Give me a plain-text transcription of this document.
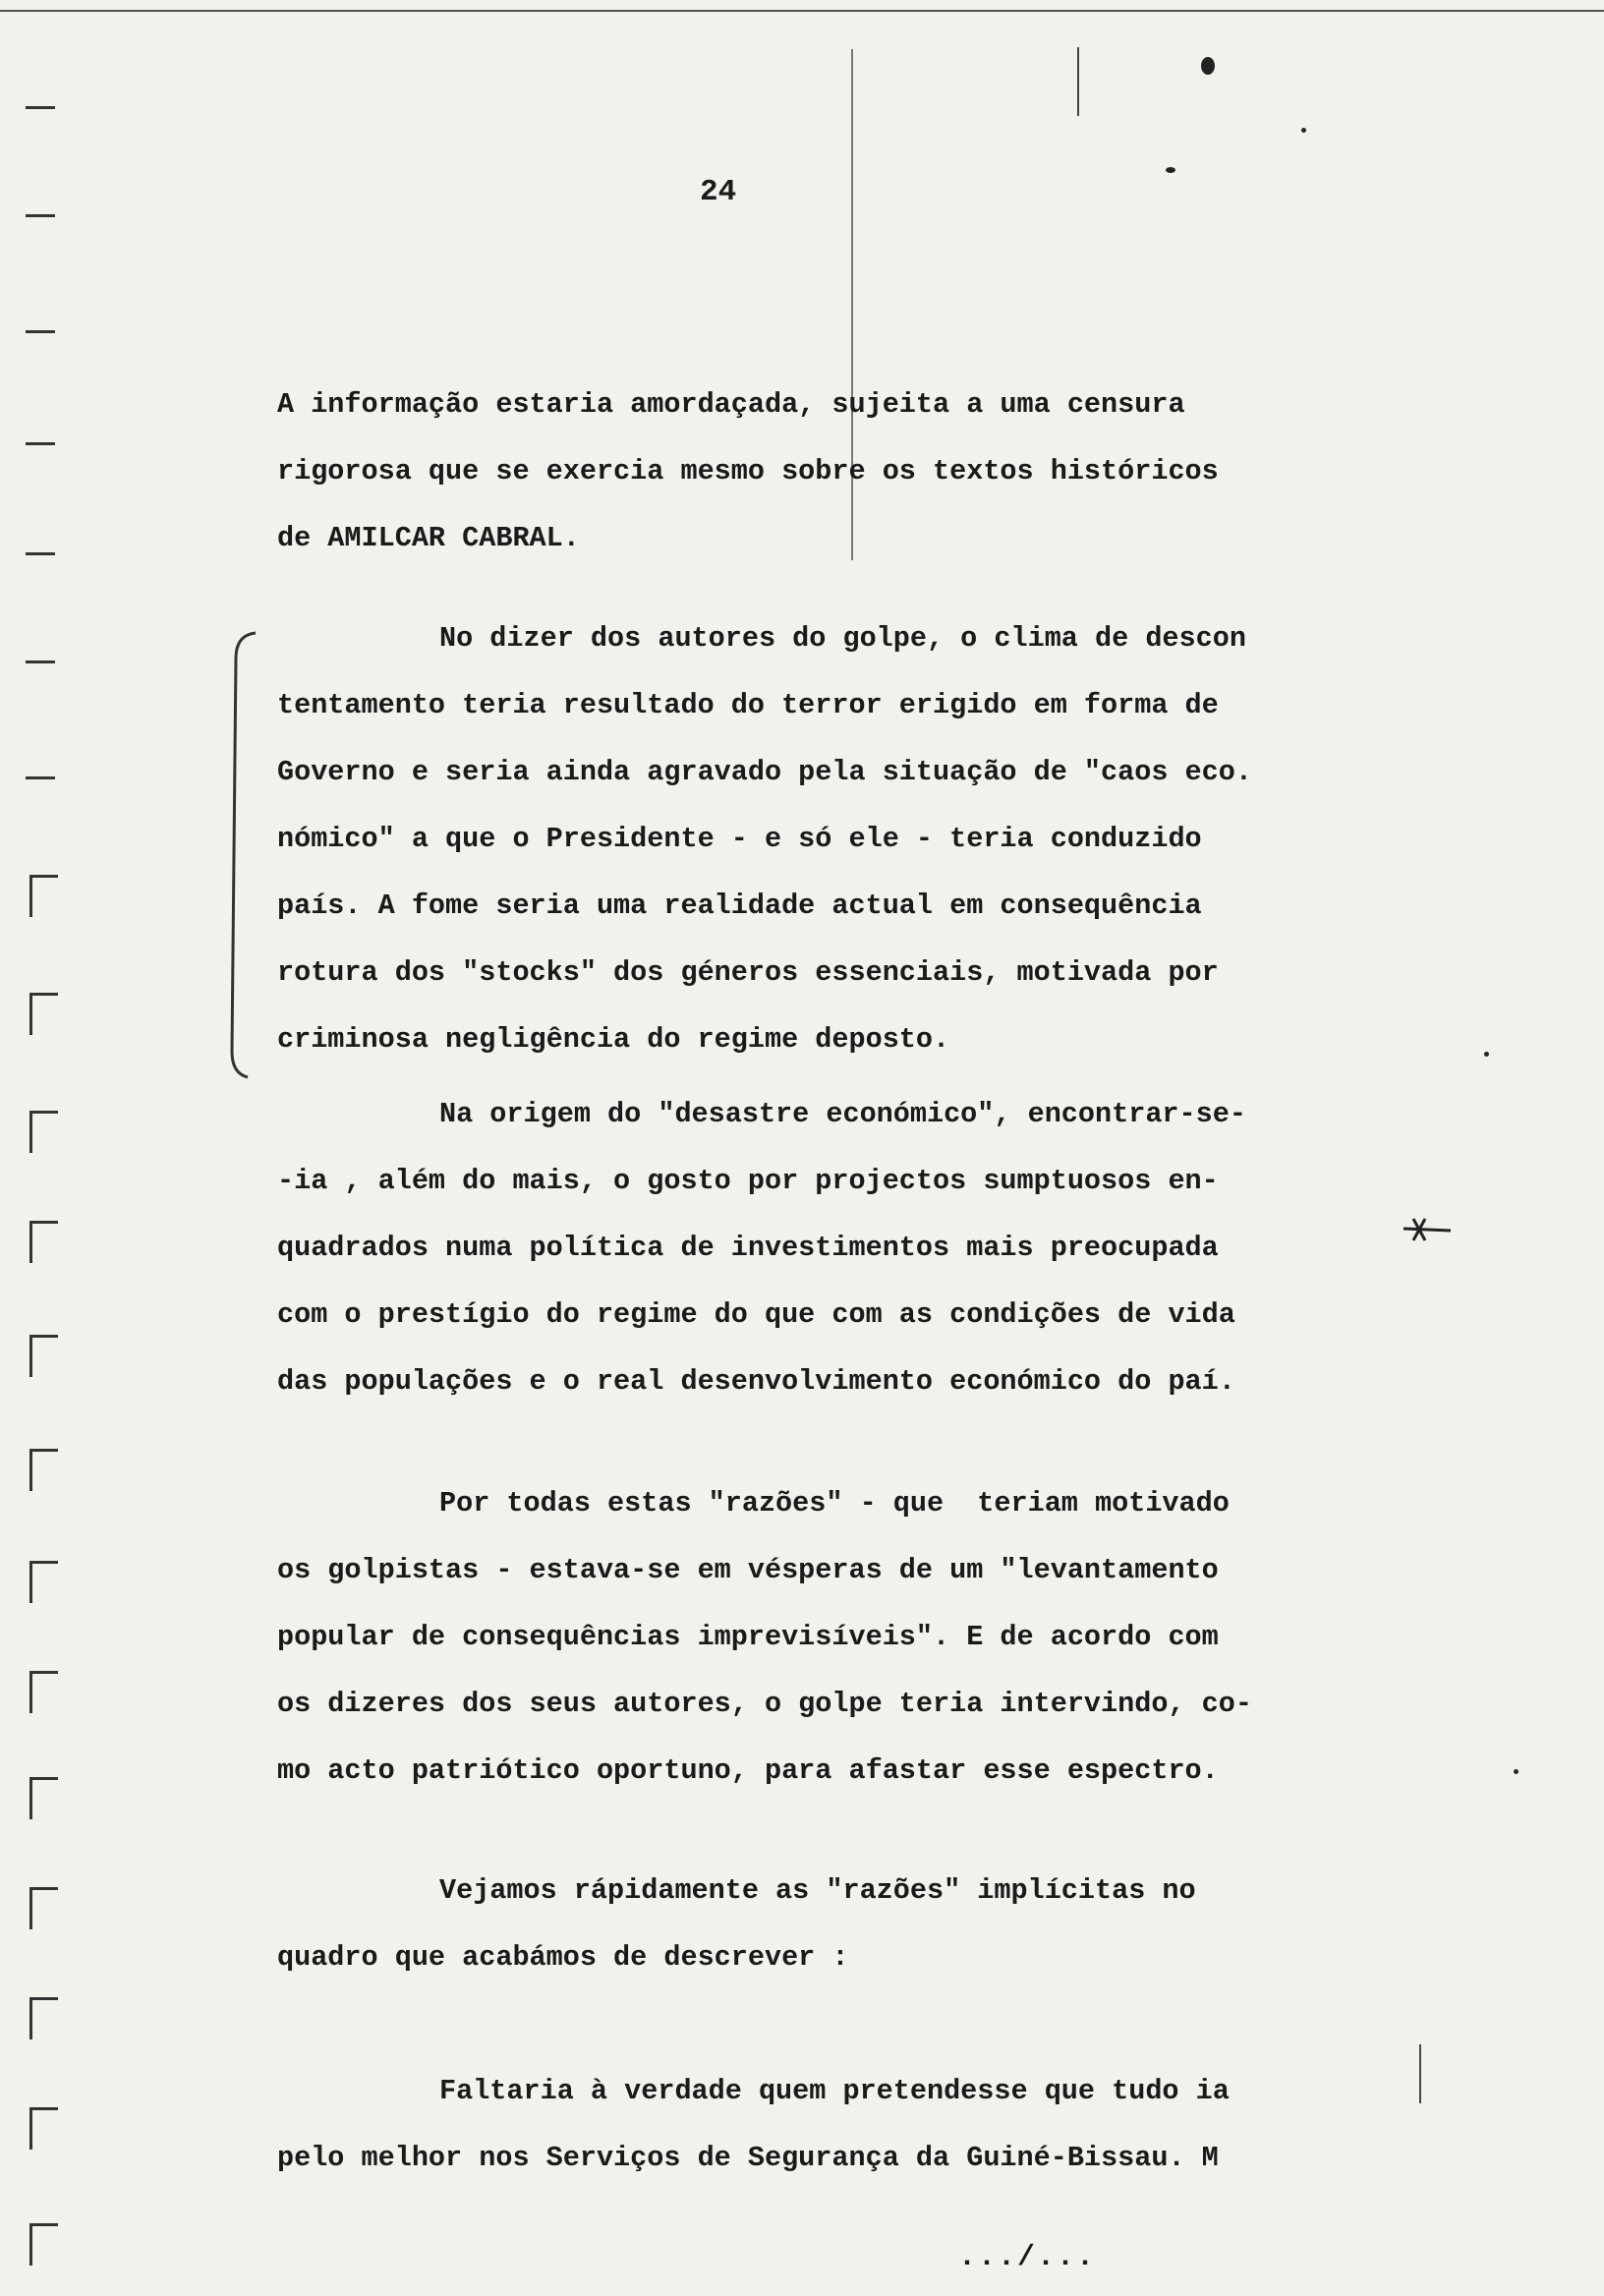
24
A informação estaria amordaçada, sujeita a uma censura
rigorosa que se exercia mesmo sobre os textos históricos
de AMILCAR CABRAL.
No dizer dos autores do golpe, o clima de descon
tentamento teria resultado do terror erigido em forma de
Governo e seria ainda agravado pela situação de "caos eco.
nómico" a que o Presidente - e só ele - teria conduzido
país. A fome seria uma realidade actual em consequência
rotura dos "stocks" dos géneros essenciais, motivada por
criminosa negligência do regime deposto.
Na origem do "desastre económico", encontrar-se-
-ia , além do mais, o gosto por projectos sumptuosos en-
quadrados numa política de investimentos mais preocupada
com o prestígio do regime do que com as condições de vida
das populações e o real desenvolvimento económico do paí.
Por todas estas "razões" - que  teriam motivado
os golpistas - estava-se em vésperas de um "levantamento
popular de consequências imprevisíveis". E de acordo com
os dizeres dos seus autores, o golpe teria intervindo, co-
mo acto patriótico oportuno, para afastar esse espectro.
Vejamos rápidamente as "razões" implícitas no
quadro que acabámos de descrever :
Faltaria à verdade quem pretendesse que tudo ia
pelo melhor nos Serviços de Segurança da Guiné-Bissau. M
.../...
